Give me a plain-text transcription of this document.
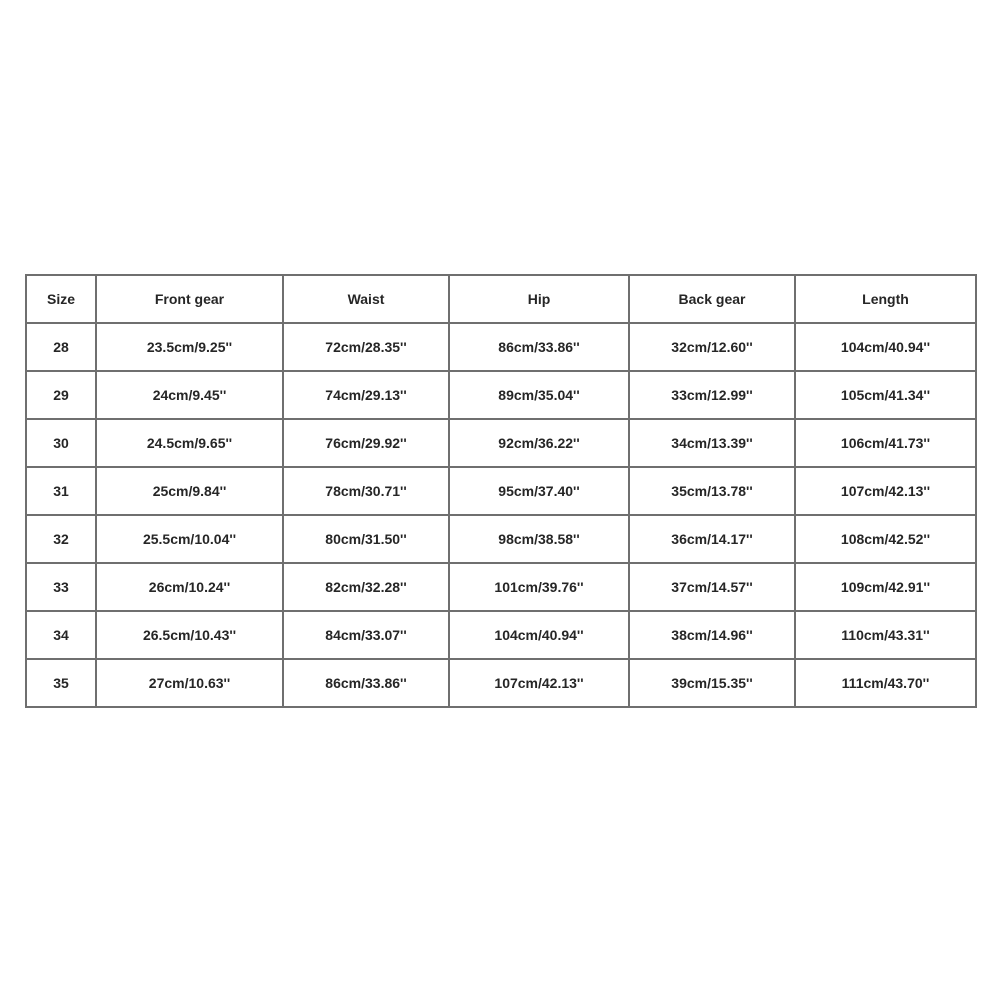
Size	Front gear	Waist	Hip	Back gear	Length
28	23.5cm/9.25''	72cm/28.35''	86cm/33.86''	32cm/12.60''	104cm/40.94''
29	24cm/9.45''	74cm/29.13''	89cm/35.04''	33cm/12.99''	105cm/41.34''
30	24.5cm/9.65''	76cm/29.92''	92cm/36.22''	34cm/13.39''	106cm/41.73''
31	25cm/9.84''	78cm/30.71''	95cm/37.40''	35cm/13.78''	107cm/42.13''
32	25.5cm/10.04''	80cm/31.50''	98cm/38.58''	36cm/14.17''	108cm/42.52''
33	26cm/10.24''	82cm/32.28''	101cm/39.76''	37cm/14.57''	109cm/42.91''
34	26.5cm/10.43''	84cm/33.07''	104cm/40.94''	38cm/14.96''	110cm/43.31''
35	27cm/10.63''	86cm/33.86''	107cm/42.13''	39cm/15.35''	111cm/43.70''
